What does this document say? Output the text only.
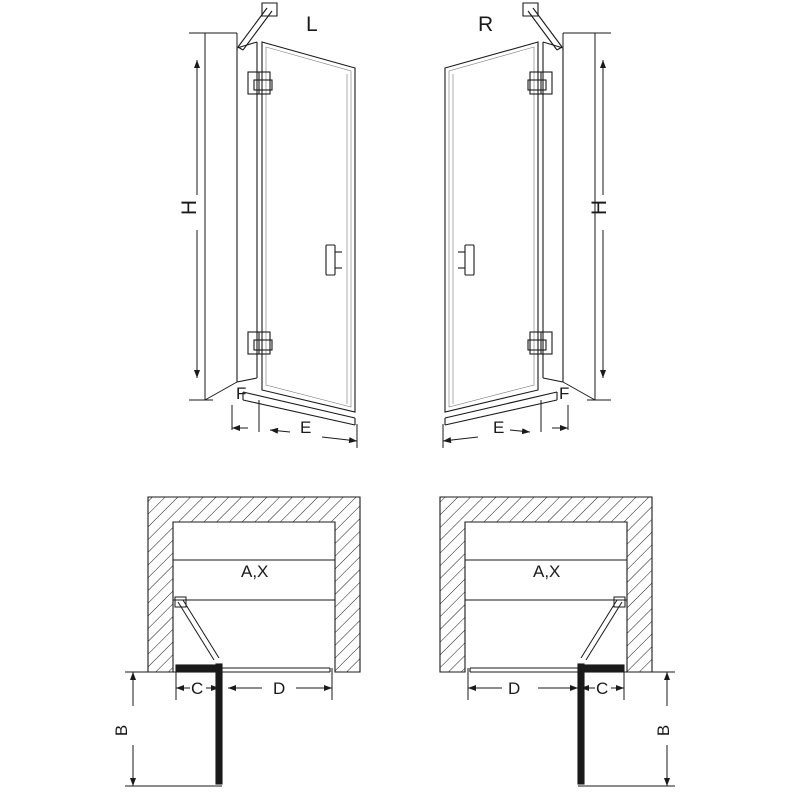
L	R
H	H
F
E
F
E
A,X	A,X
C	D
B
D	C
B
